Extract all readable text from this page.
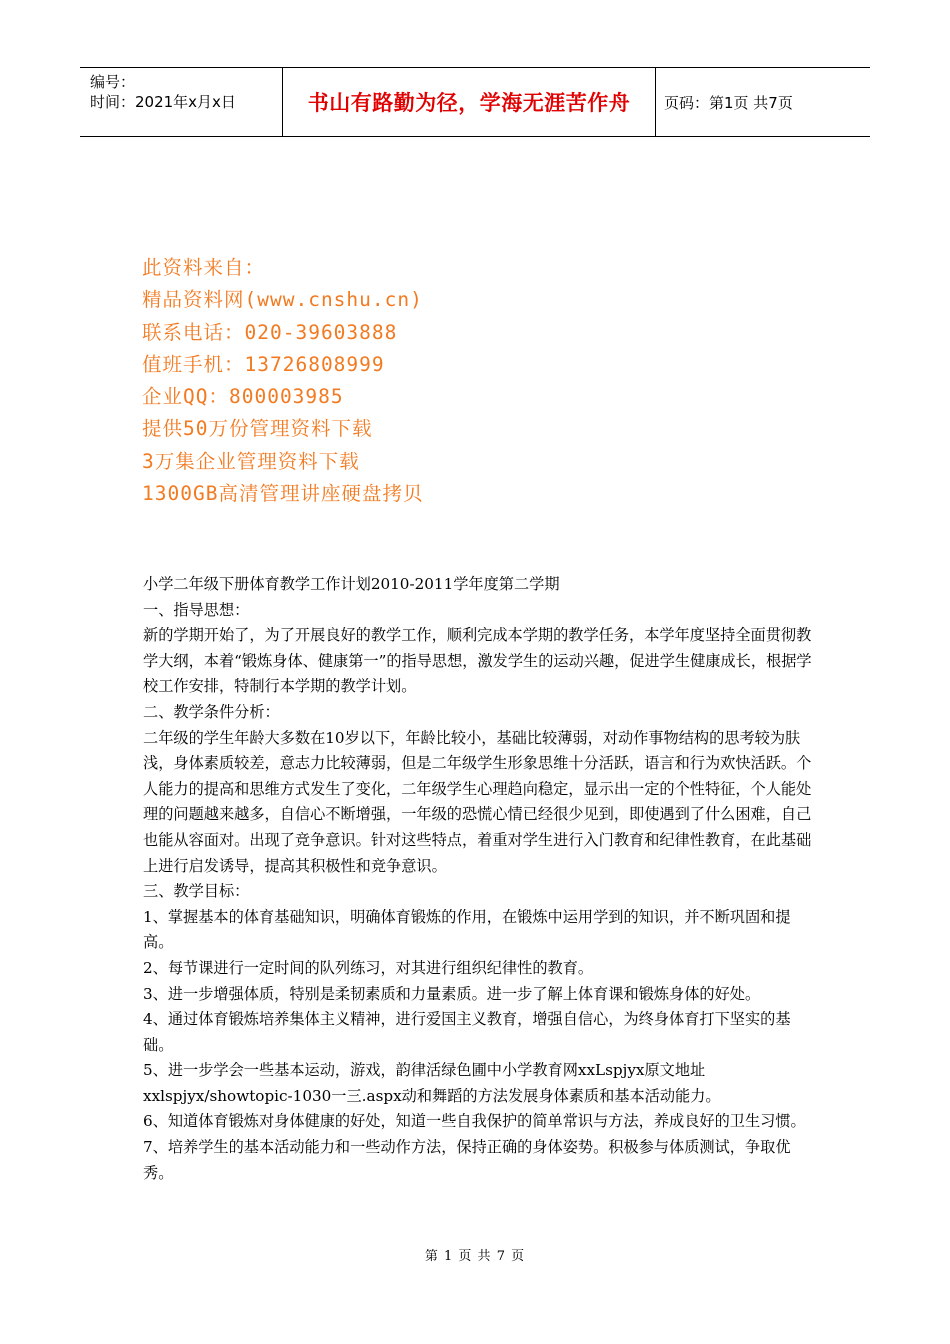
编号：
时间：2021年x月x日	书山有路勤为径，学海无涯苦作舟	页码：第1页 共7页
此资料来自：
精品资料网(www.cnshu.cn)
联系电话：020-39603888
值班手机：13726808999
企业QQ：800003985
提供50万份管理资料下载
3万集企业管理资料下载
1300GB高清管理讲座硬盘拷贝

小学二年级下册体育教学工作计划2010-2011学年度第二学期

一、指导思想：

新的学期开始了，为了开展良好的教学工作，顺利完成本学期的教学任务，本学年度坚持全面贯彻教学大纲，本着“锻炼身体、健康第一”的指导思想，激发学生的运动兴趣，促进学生健康成长，根据学校工作安排，特制行本学期的教学计划。

二、教学条件分析：

二年级的学生年龄大多数在10岁以下，年龄比较小，基础比较薄弱，对动作事物结构的思考较为肤浅，身体素质较差，意志力比较薄弱，但是二年级学生形象思维十分活跃，语言和行为欢快活跃。个人能力的提高和思维方式发生了变化，二年级学生心理趋向稳定，显示出一定的个性特征，个人能处理的问题越来越多，自信心不断增强，一年级的恐慌心情已经很少见到，即使遇到了什么困难，自己也能从容面对。出现了竞争意识。针对这些特点，着重对学生进行入门教育和纪律性教育，在此基础上进行启发诱导，提高其积极性和竞争意识。

三、教学目标：

1、掌握基本的体育基础知识，明确体育锻炼的作用，在锻炼中运用学到的知识，并不断巩固和提高。

2、每节课进行一定时间的队列练习，对其进行组织纪律性的教育。

3、进一步增强体质，特别是柔韧素质和力量素质。进一步了解上体育课和锻炼身体的好处。

4、通过体育锻炼培养集体主义精神，进行爱国主义教育，增强自信心，为终身体育打下坚实的基础。

5、进一步学会一些基本运动，游戏，韵律活绿色圃中小学教育网xxLspjyx原文地址xxlspjyx/showtopic-1030一三.aspx动和舞蹈的方法发展身体素质和基本活动能力。

6、知道体育锻炼对身体健康的好处，知道一些自我保护的简单常识与方法，养成良好的卫生习惯。

7、培养学生的基本活动能力和一些动作方法，保持正确的身体姿势。积极参与体质测试，争取优秀。

第 1 页 共 7 页
